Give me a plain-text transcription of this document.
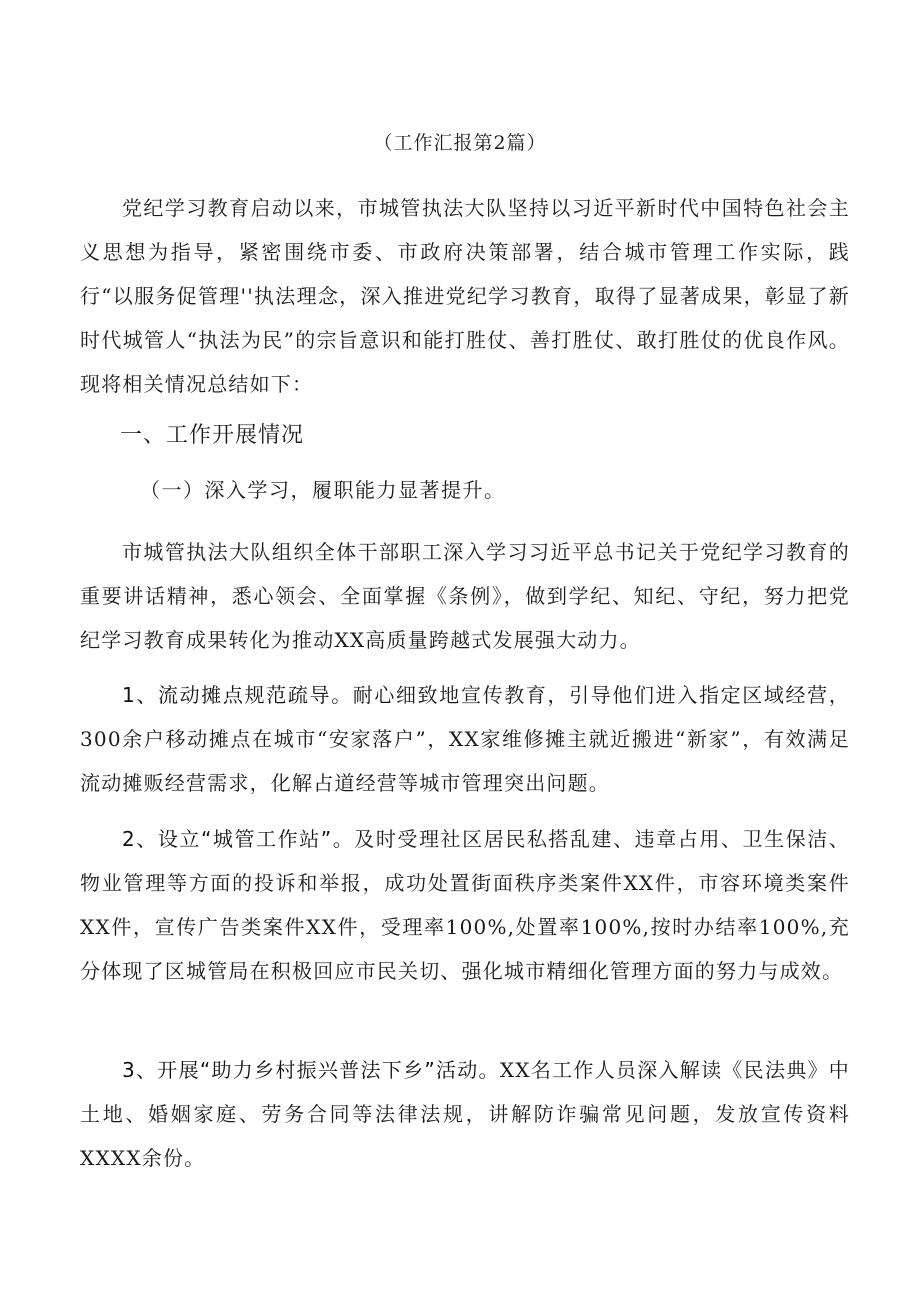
（工作汇报第2篇）

党纪学习教育启动以来，市城管执法大队坚持以习近平新时代中国特色社会主义思想为指导，紧密围绕市委、市政府决策部署，结合城市管理工作实际，践行“以服务促管理''执法理念，深入推进党纪学习教育，取得了显著成果，彰显了新时代城管人“执法为民”的宗旨意识和能打胜仗、善打胜仗、敢打胜仗的优良作风。现将相关情况总结如下：

一、工作开展情况
（一）深入学习，履职能力显著提升。

市城管执法大队组织全体干部职工深入学习习近平总书记关于党纪学习教育的重要讲话精神，悉心领会、全面掌握《条例》，做到学纪、知纪、守纪，努力把党纪学习教育成果转化为推动XX高质量跨越式发展强大动力。

1、流动摊点规范疏导。耐心细致地宣传教育，引导他们进入指定区域经营，300余户移动摊点在城市“安家落户”，XX家维修摊主就近搬进“新家”，有效满足流动摊贩经营需求，化解占道经营等城市管理突出问题。

2、设立“城管工作站”。及时受理社区居民私搭乱建、违章占用、卫生保洁、物业管理等方面的投诉和举报，成功处置街面秩序类案件XX件，市容环境类案件XX件，宣传广告类案件XX件，受理率100%,处置率100%,按时办结率100%,充分体现了区城管局在积极回应市民关切、强化城市精细化管理方面的努力与成效。

3、开展“助力乡村振兴普法下乡”活动。XX名工作人员深入解读《民法典》中土地、婚姻家庭、劳务合同等法律法规，讲解防诈骗常见问题，发放宣传资料XXXX余份。
